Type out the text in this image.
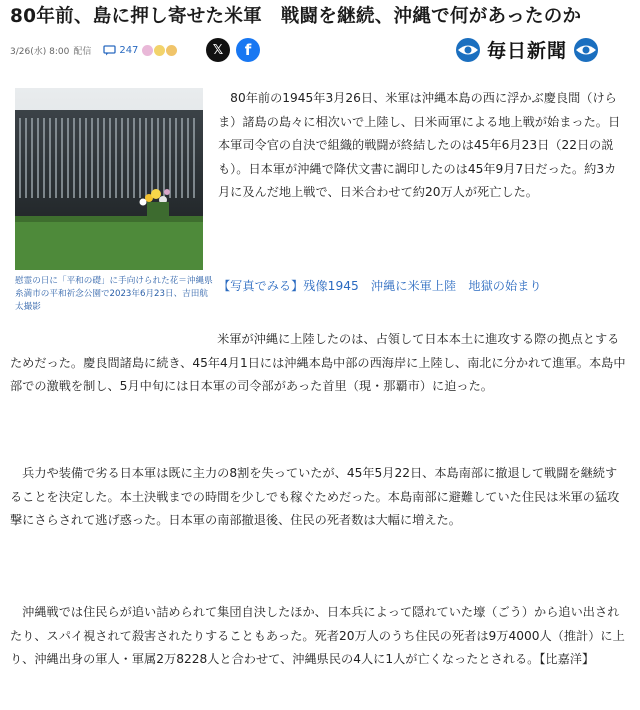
80年前、島に押し寄せた米軍　戦闘を継続、沖縄で何があったのか
3/26(水) 8:00 配信	247	𝕏 f	毎日新聞
慰霊の日に「平和の礎」に手向けられた花＝沖縄県糸満市の平和祈念公園で2023年6月23日、吉田航太撮影
　80年前の1945年3月26日、米軍は沖縄本島の西に浮かぶ慶良間（けらま）諸島の島々に相次いで上陸し、日米両軍による地上戦が始まった。日本軍司令官の自決で組織的戦闘が終結したのは45年6月23日（22日の説も）。日本軍が沖縄で降伏文書に調印したのは45年9月7日だった。約3カ月に及んだ地上戦で、日米合わせて約20万人が死亡した。
【写真でみる】残像1945　沖縄に米軍上陸　地獄の始まり
　　　　　　　　　　　　　　　　　米軍が沖縄に上陸したのは、占領して日本本土に進攻する際の拠点とするためだった。慶良間諸島に続き、45年4月1日には沖縄本島中部の西海岸に上陸し、南北に分かれて進軍。本島中部での激戦を制し、5月中旬には日本軍の司令部があった首里（現・那覇市）に迫った。
　兵力や装備で劣る日本軍は既に主力の8割を失っていたが、45年5月22日、本島南部に撤退して戦闘を継続することを決定した。本土決戦までの時間を少しでも稼ぐためだった。本島南部に避難していた住民は米軍の猛攻撃にさらされて逃げ惑った。日本軍の南部撤退後、住民の死者数は大幅に増えた。
　沖縄戦では住民らが追い詰められて集団自決したほか、日本兵によって隠れていた壕（ごう）から追い出されたり、スパイ視されて殺害されたりすることもあった。死者20万人のうち住民の死者は9万4000人（推計）に上り、沖縄出身の軍人・軍属2万8228人と合わせて、沖縄県民の4人に1人が亡くなったとされる。【比嘉洋】
